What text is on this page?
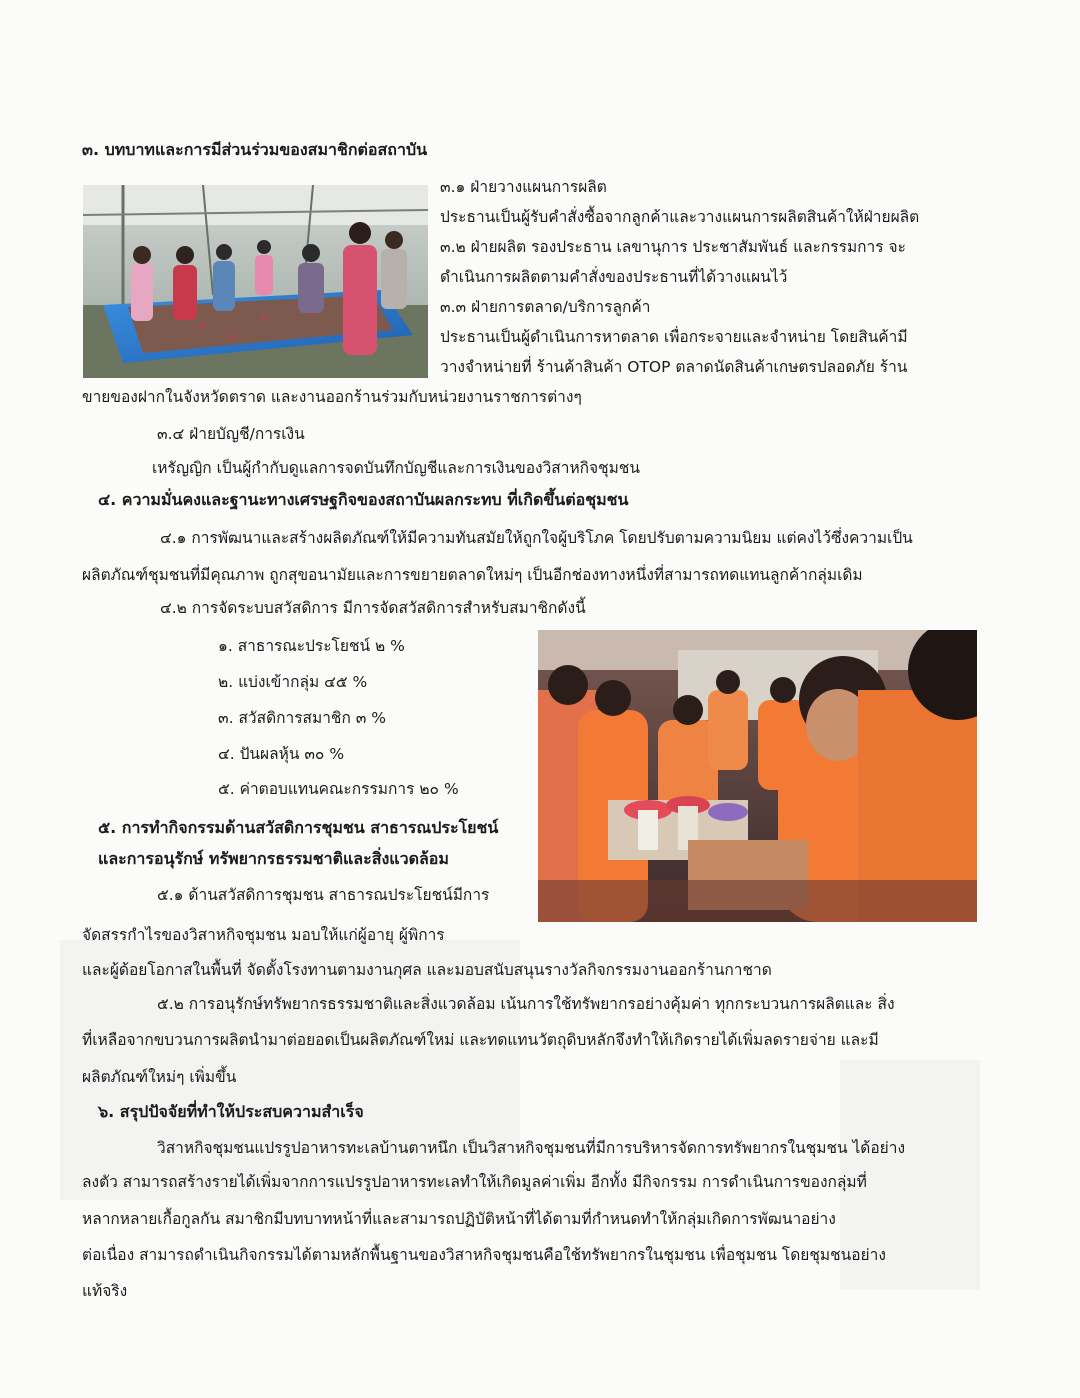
๓. บทบาทและการมีส่วนร่วมของสมาชิกต่อสถาบัน
๓.๑ ฝ่ายวางแผนการผลิต
ประธานเป็นผู้รับคำสั่งซื้อจากลูกค้าและวางแผนการผลิตสินค้าให้ฝ่ายผลิต
๓.๒ ฝ่ายผลิต รองประธาน เลขานุการ ประชาสัมพันธ์ และกรรมการ จะ
ดำเนินการผลิตตามคำสั่งของประธานที่ได้วางแผนไว้
๓.๓ ฝ่ายการตลาด/บริการลูกค้า
ประธานเป็นผู้ดำเนินการหาตลาด เพื่อกระจายและจำหน่าย โดยสินค้ามี
วางจำหน่ายที่ ร้านค้าสินค้า OTOP ตลาดนัดสินค้าเกษตรปลอดภัย ร้าน
ขายของฝากในจังหวัดตราด และงานออกร้านร่วมกับหน่วยงานราชการต่างๆ
๓.๔ ฝ่ายบัญชี/การเงิน
เหรัญญิก เป็นผู้กำกับดูแลการจดบันทึกบัญชีและการเงินของวิสาหกิจชุมชน
๔. ความมั่นคงและฐานะทางเศรษฐกิจของสถาบันผลกระทบ ที่เกิดขึ้นต่อชุมชน
๔.๑ การพัฒนาและสร้างผลิตภัณฑ์ให้มีความทันสมัยให้ถูกใจผู้บริโภค โดยปรับตามความนิยม แต่คงไว้ซึ่งความเป็น
ผลิตภัณฑ์ชุมชนที่มีคุณภาพ ถูกสุขอนามัยและการขยายตลาดใหม่ๆ เป็นอีกช่องทางหนึ่งที่สามารถทดแทนลูกค้ากลุ่มเดิม
๔.๒ การจัดระบบสวัสดิการ มีการจัดสวัสดิการสำหรับสมาชิกดังนี้
๑. สาธารณะประโยชน์ ๒ %
๒. แบ่งเข้ากลุ่ม ๔๕ %
๓. สวัสดิการสมาชิก ๓ %
๔. ปันผลหุ้น ๓๐ %
๕. ค่าตอบแทนคณะกรรมการ ๒๐ %
๕. การทำกิจกรรมด้านสวัสดิการชุมชน สาธารณประโยชน์
และการอนุรักษ์ ทรัพยากรธรรมชาติและสิ่งแวดล้อม
๕.๑ ด้านสวัสดิการชุมชน สาธารณประโยชน์มีการ
จัดสรรกำไรของวิสาหกิจชุมชน มอบให้แก่ผู้อายุ ผู้พิการ
และผู้ด้อยโอกาสในพื้นที่ จัดตั้งโรงทานตามงานกุศล และมอบสนับสนุนรางวัลกิจกรรมงานออกร้านกาชาด
๕.๒ การอนุรักษ์ทรัพยากรธรรมชาติและสิ่งแวดล้อม เน้นการใช้ทรัพยากรอย่างคุ้มค่า ทุกกระบวนการผลิตและ สิ่ง
ที่เหลือจากขบวนการผลิตนำมาต่อยอดเป็นผลิตภัณฑ์ใหม่ และทดแทนวัตถุดิบหลักจึงทำให้เกิดรายได้เพิ่มลดรายจ่าย และมี
ผลิตภัณฑ์ใหม่ๆ เพิ่มขึ้น
๖. สรุปปัจจัยที่ทำให้ประสบความสำเร็จ
วิสาหกิจชุมชนแปรรูปอาหารทะเลบ้านตาหนึก เป็นวิสาหกิจชุมชนที่มีการบริหารจัดการทรัพยากรในชุมชน ได้อย่าง
ลงตัว สามารถสร้างรายได้เพิ่มจากการแปรรูปอาหารทะเลทำให้เกิดมูลค่าเพิ่ม อีกทั้ง มีกิจกรรม การดำเนินการของกลุ่มที่
หลากหลายเกื้อกูลกัน สมาชิกมีบทบาทหน้าที่และสามารถปฏิบัติหน้าที่ได้ตามที่กำหนดทำให้กลุ่มเกิดการพัฒนาอย่าง
ต่อเนื่อง สามารถดำเนินกิจกรรมได้ตามหลักพื้นฐานของวิสาหกิจชุมชนคือใช้ทรัพยากรในชุมชน เพื่อชุมชน โดยชุมชนอย่าง
แท้จริง
